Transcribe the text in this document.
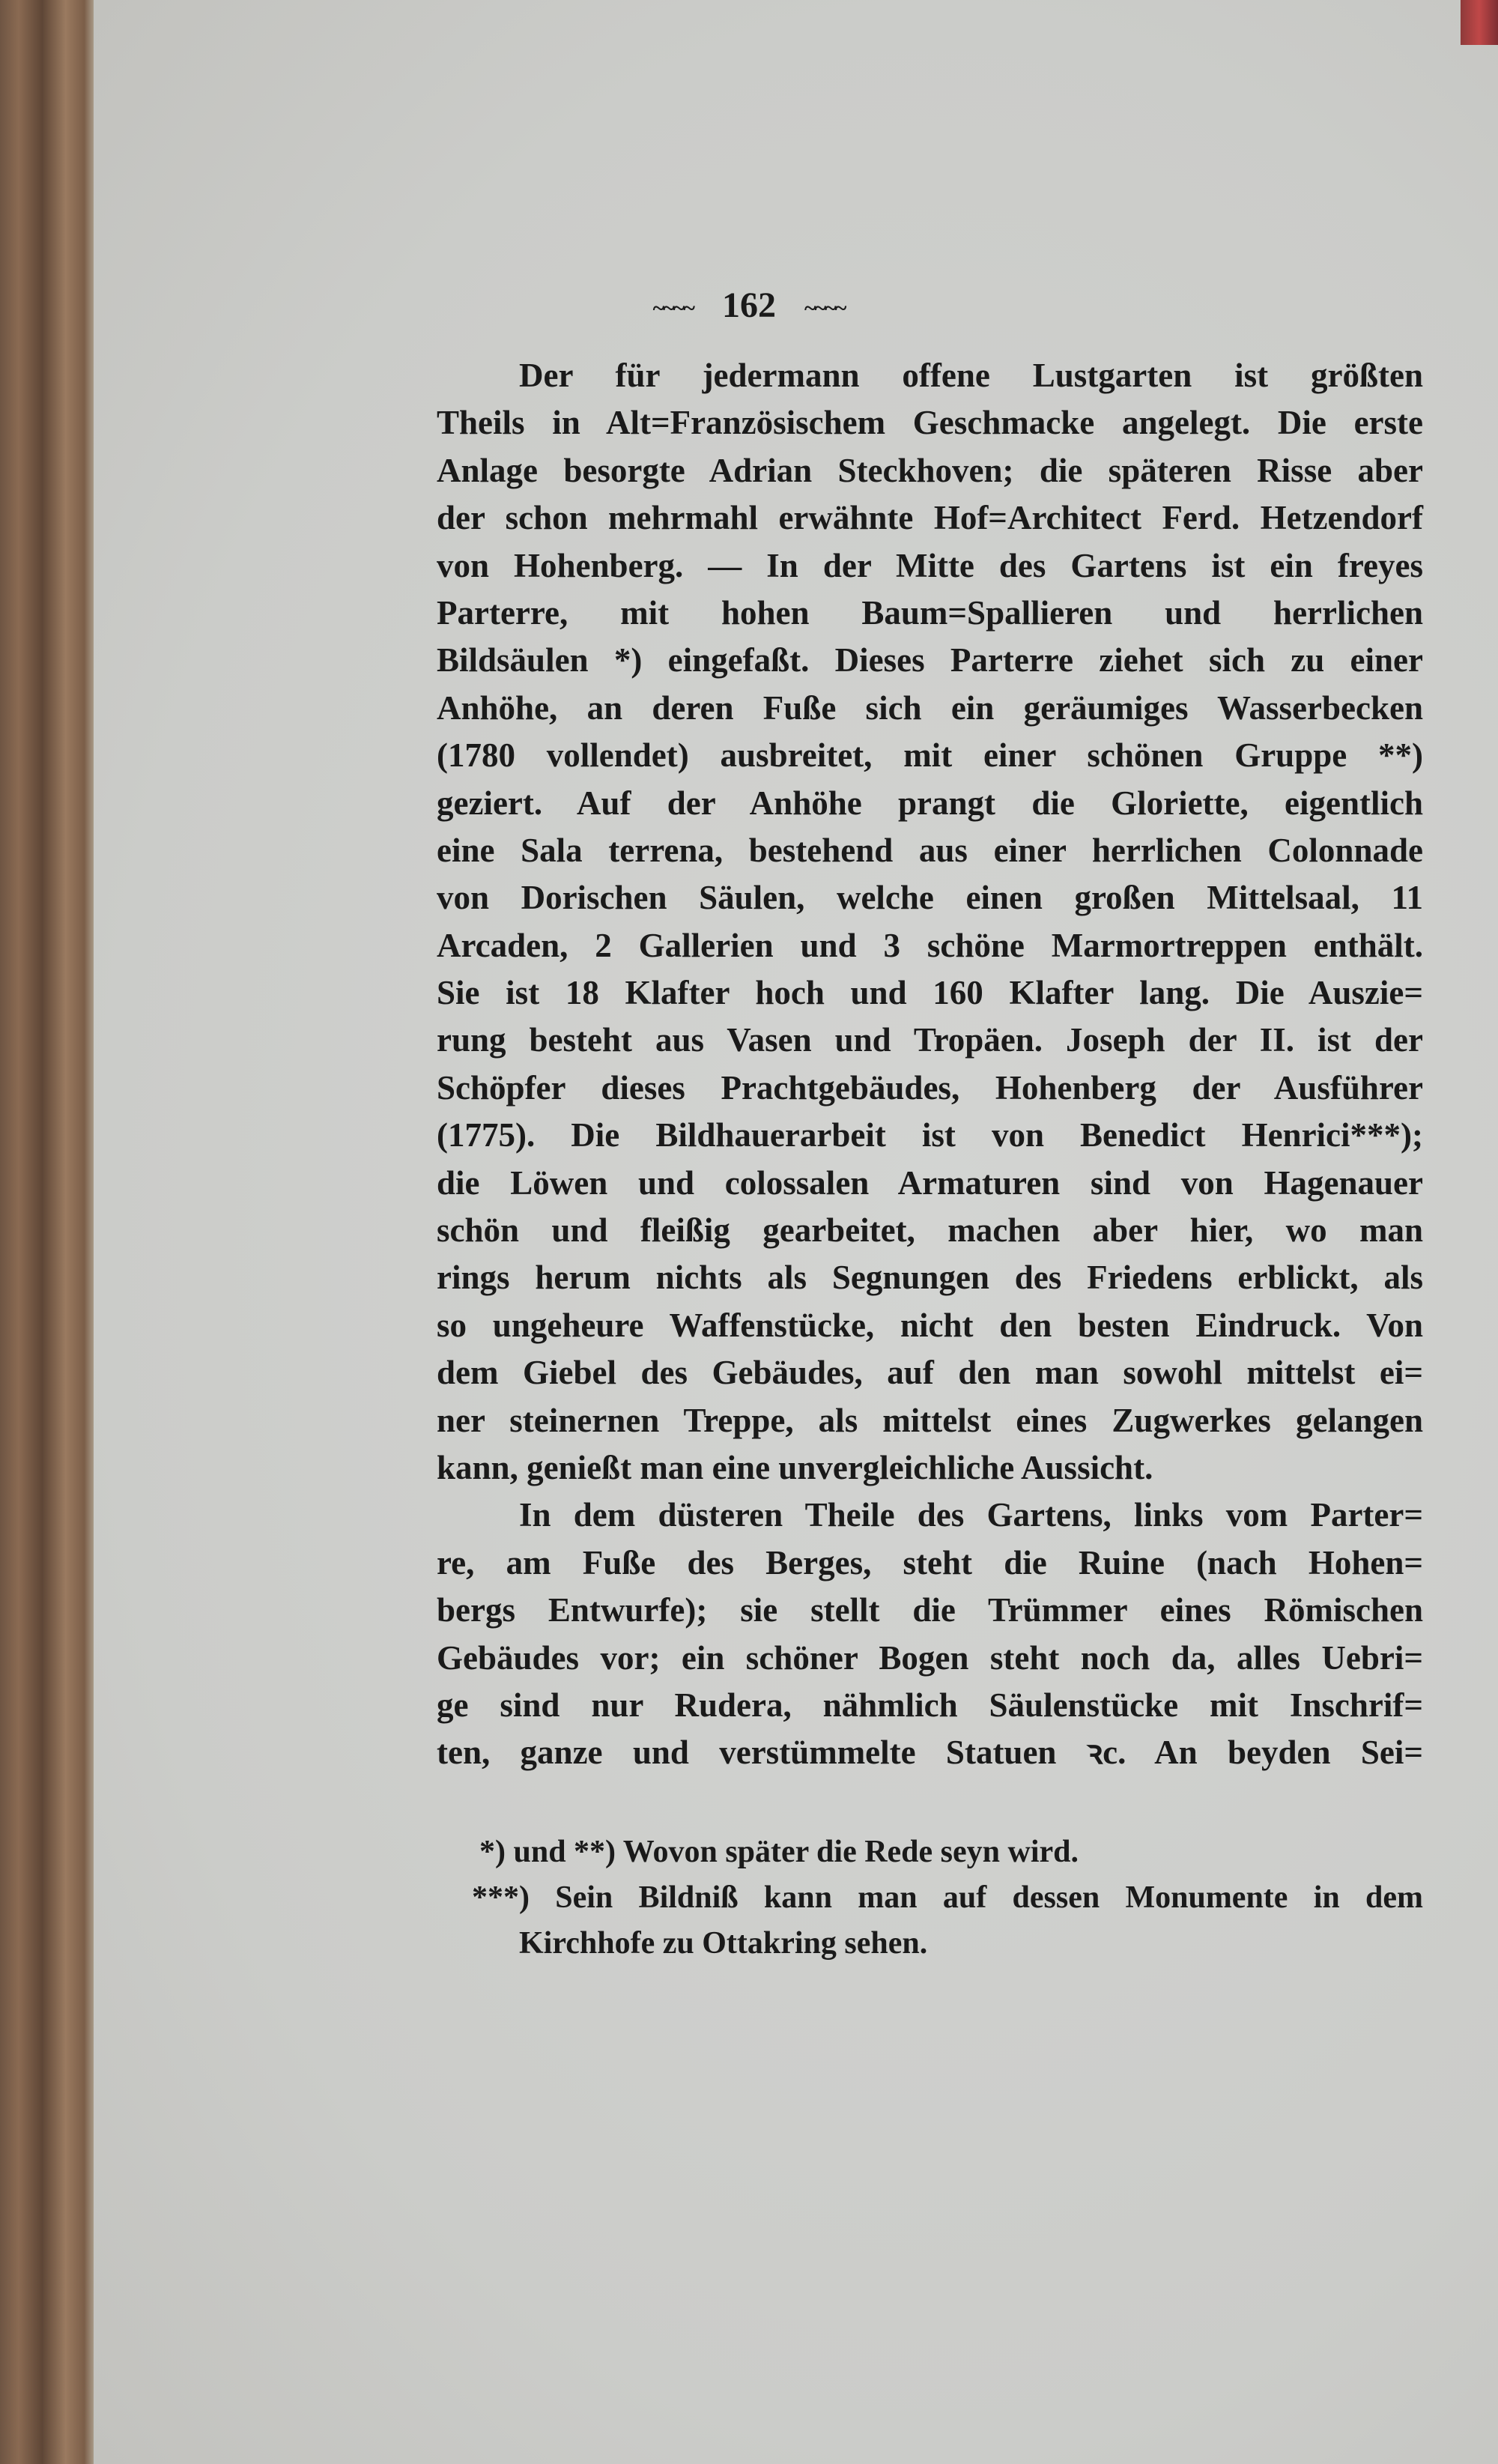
~~~~ 162 ~~~~
Der für jedermann offene Lustgarten ist größten
Theils in Alt=Französischem Geschmacke angelegt. Die erste
Anlage besorgte Adrian Steckhoven; die späteren Risse aber
der schon mehrmahl erwähnte Hof=Architect Ferd. Hetzendorf
von Hohenberg. — In der Mitte des Gartens ist ein freyes
Parterre, mit hohen Baum=Spallieren und herrlichen
Bildsäulen *) eingefaßt. Dieses Parterre ziehet sich zu einer
Anhöhe, an deren Fuße sich ein geräumiges Wasserbecken
(1780 vollendet) ausbreitet, mit einer schönen Gruppe **)
geziert. Auf der Anhöhe prangt die Gloriette, eigentlich
eine Sala terrena, bestehend aus einer herrlichen Colonnade
von Dorischen Säulen, welche einen großen Mittelsaal, 11
Arcaden, 2 Gallerien und 3 schöne Marmortreppen enthält.
Sie ist 18 Klafter hoch und 160 Klafter lang. Die Auszie=
rung besteht aus Vasen und Tropäen. Joseph der II. ist der
Schöpfer dieses Prachtgebäudes, Hohenberg der Ausführer
(1775). Die Bildhauerarbeit ist von Benedict Henrici***);
die Löwen und colossalen Armaturen sind von Hagenauer
schön und fleißig gearbeitet, machen aber hier, wo man
rings herum nichts als Segnungen des Friedens erblickt, als
so ungeheure Waffenstücke, nicht den besten Eindruck. Von
dem Giebel des Gebäudes, auf den man sowohl mittelst ei=
ner steinernen Treppe, als mittelst eines Zugwerkes gelangen
kann, genießt man eine unvergleichliche Aussicht.
In dem düsteren Theile des Gartens, links vom Parter=
re, am Fuße des Berges, steht die Ruine (nach Hohen=
bergs Entwurfe); sie stellt die Trümmer eines Römischen
Gebäudes vor; ein schöner Bogen steht noch da, alles Uebri=
ge sind nur Rudera, nähmlich Säulenstücke mit Inschrif=
ten, ganze und verstümmelte Statuen ꝛc. An beyden Sei=
*) und **) Wovon später die Rede seyn wird.
***) Sein Bildniß kann man auf dessen Monumente in dem
Kirchhofe zu Ottakring sehen.
